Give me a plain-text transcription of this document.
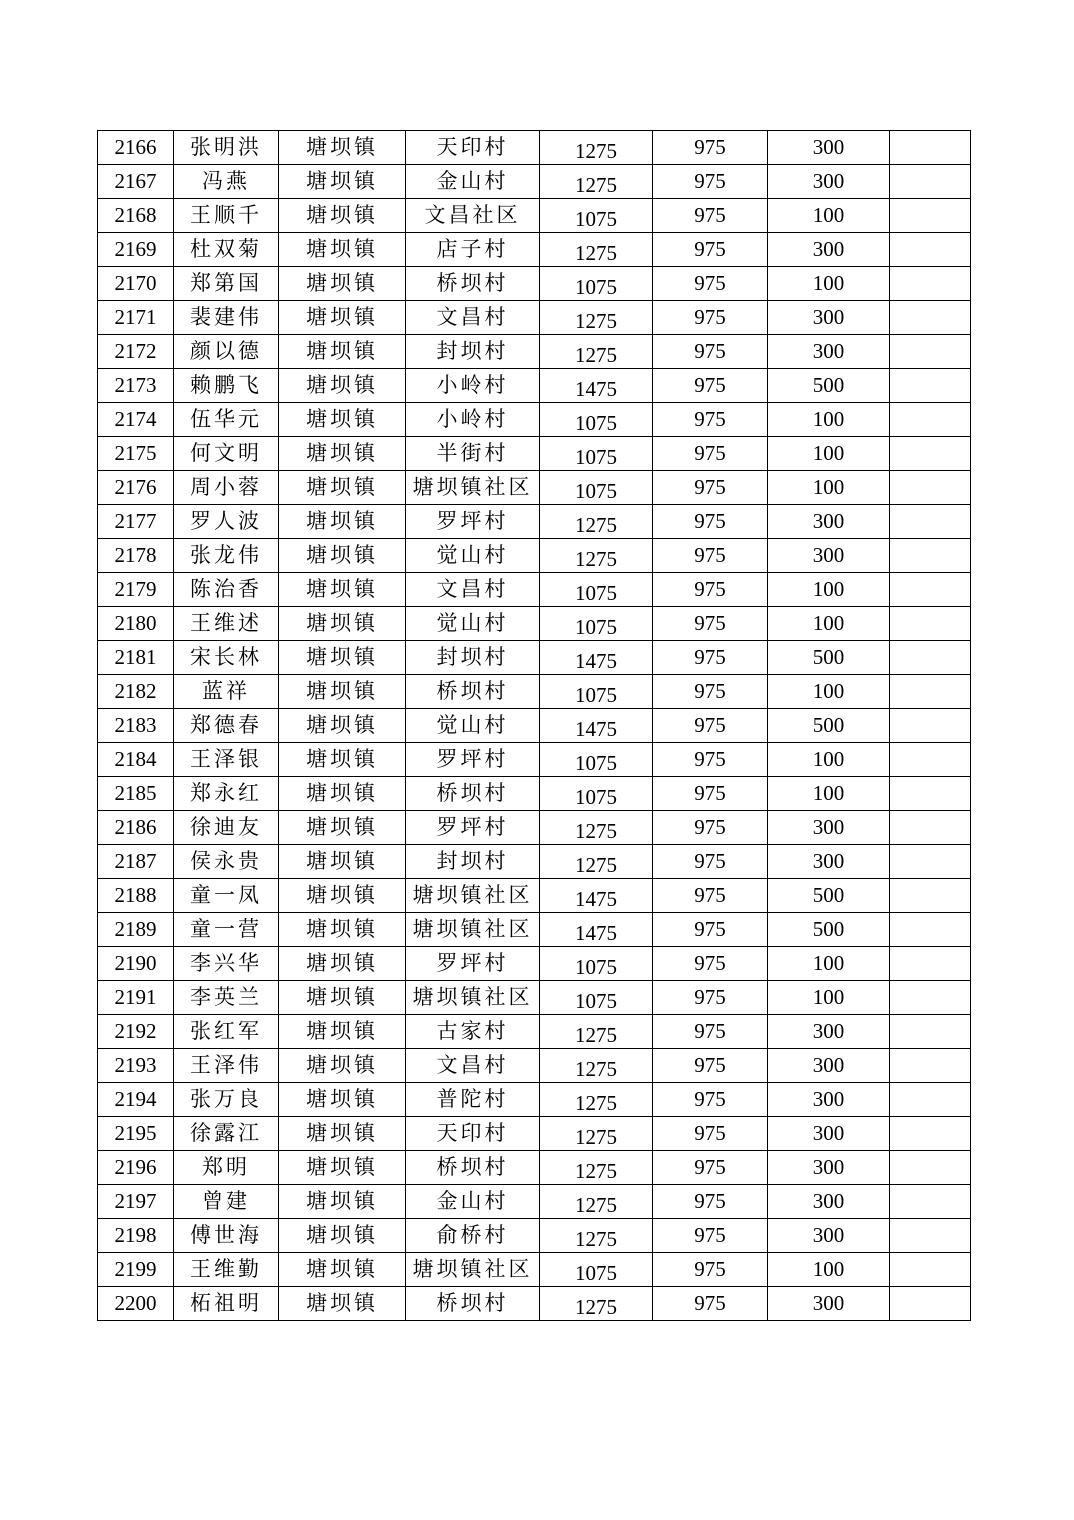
2166	张明洪	塘坝镇	天印村	1275	975	300	
2167	冯燕	塘坝镇	金山村	1275	975	300	
2168	王顺千	塘坝镇	文昌社区	1075	975	100	
2169	杜双菊	塘坝镇	店子村	1275	975	300	
2170	郑第国	塘坝镇	桥坝村	1075	975	100	
2171	裴建伟	塘坝镇	文昌村	1275	975	300	
2172	颜以德	塘坝镇	封坝村	1275	975	300	
2173	赖鹏飞	塘坝镇	小岭村	1475	975	500	
2174	伍华元	塘坝镇	小岭村	1075	975	100	
2175	何文明	塘坝镇	半街村	1075	975	100	
2176	周小蓉	塘坝镇	塘坝镇社区	1075	975	100	
2177	罗人波	塘坝镇	罗坪村	1275	975	300	
2178	张龙伟	塘坝镇	觉山村	1275	975	300	
2179	陈治香	塘坝镇	文昌村	1075	975	100	
2180	王维述	塘坝镇	觉山村	1075	975	100	
2181	宋长林	塘坝镇	封坝村	1475	975	500	
2182	蓝祥	塘坝镇	桥坝村	1075	975	100	
2183	郑德春	塘坝镇	觉山村	1475	975	500	
2184	王泽银	塘坝镇	罗坪村	1075	975	100	
2185	郑永红	塘坝镇	桥坝村	1075	975	100	
2186	徐迪友	塘坝镇	罗坪村	1275	975	300	
2187	侯永贵	塘坝镇	封坝村	1275	975	300	
2188	童一凤	塘坝镇	塘坝镇社区	1475	975	500	
2189	童一营	塘坝镇	塘坝镇社区	1475	975	500	
2190	李兴华	塘坝镇	罗坪村	1075	975	100	
2191	李英兰	塘坝镇	塘坝镇社区	1075	975	100	
2192	张红军	塘坝镇	古家村	1275	975	300	
2193	王泽伟	塘坝镇	文昌村	1275	975	300	
2194	张万良	塘坝镇	普陀村	1275	975	300	
2195	徐露江	塘坝镇	天印村	1275	975	300	
2196	郑明	塘坝镇	桥坝村	1275	975	300	
2197	曾建	塘坝镇	金山村	1275	975	300	
2198	傅世海	塘坝镇	俞桥村	1275	975	300	
2199	王维勤	塘坝镇	塘坝镇社区	1075	975	100	
2200	柘祖明	塘坝镇	桥坝村	1275	975	300	
